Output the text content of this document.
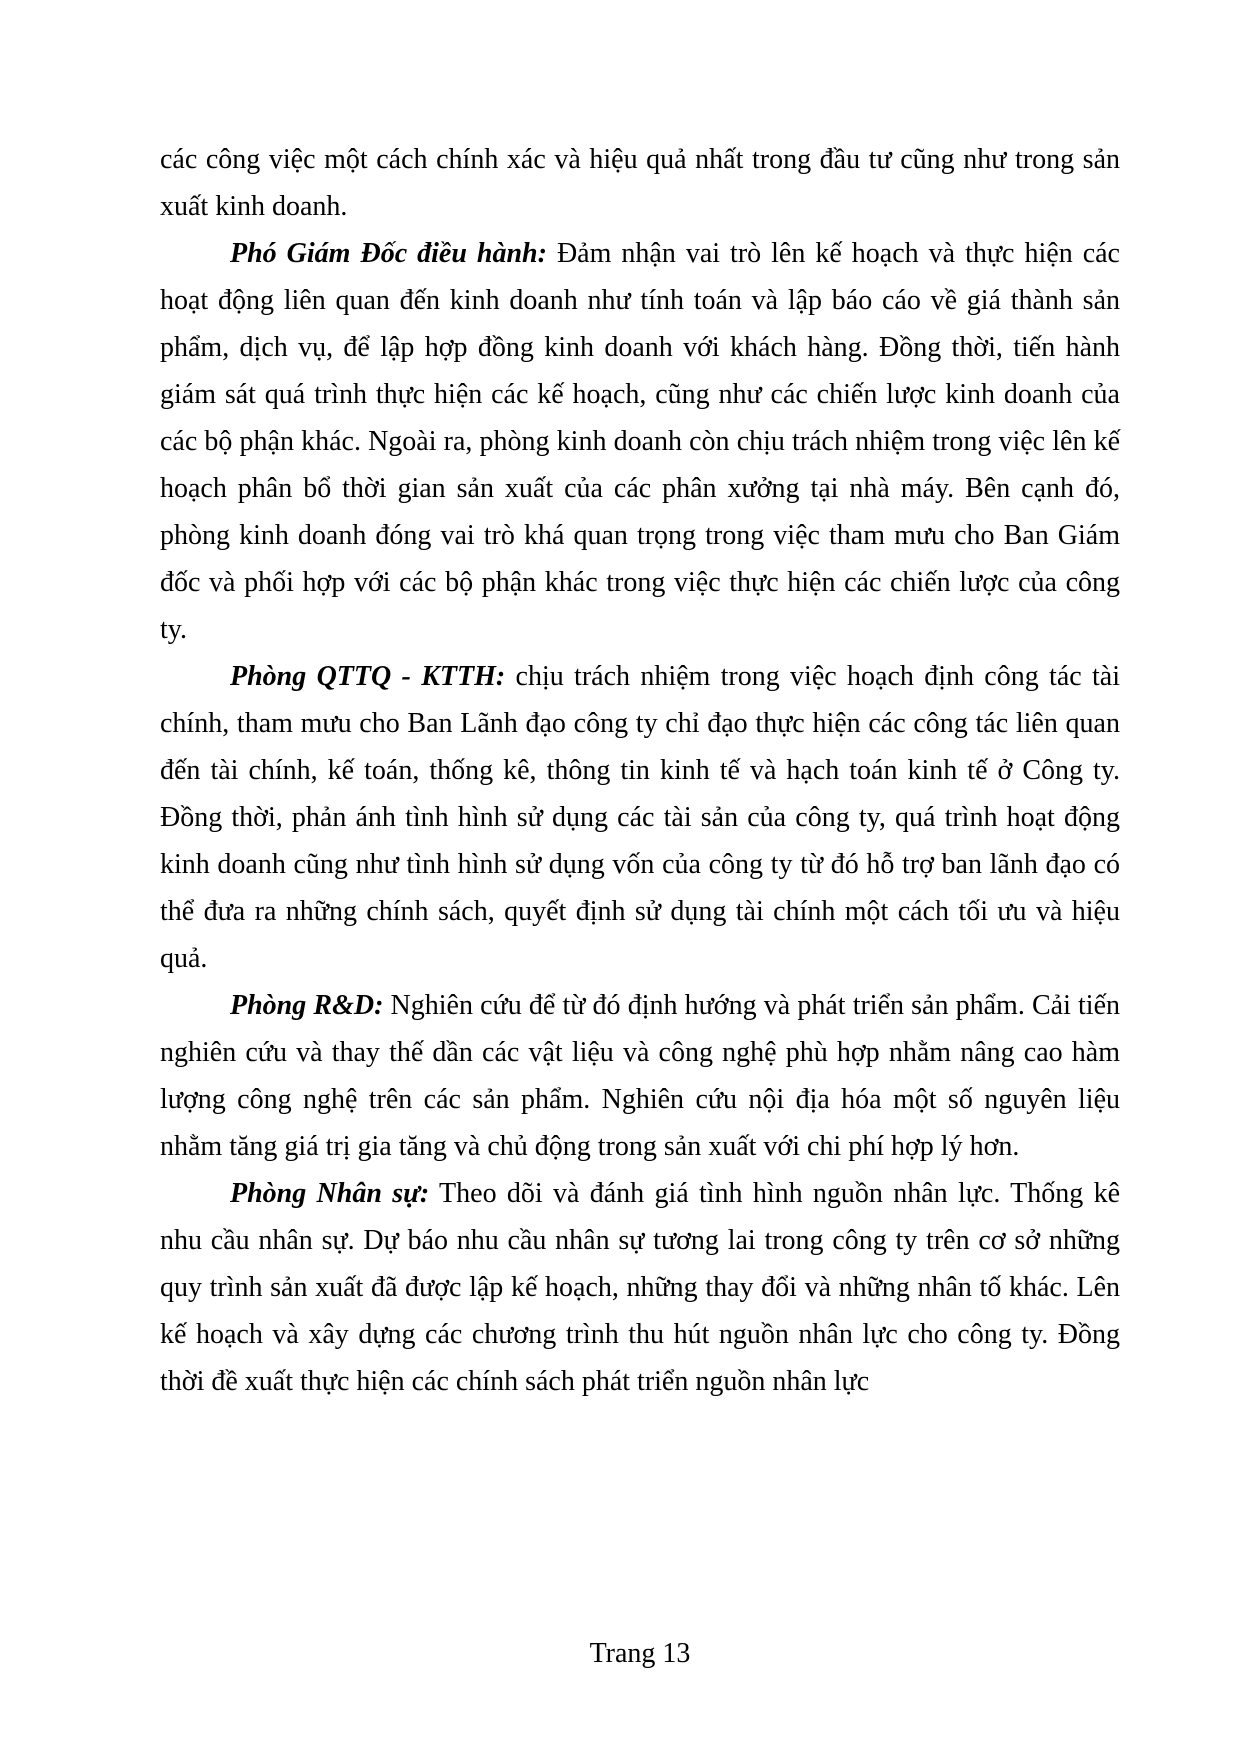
các công việc một cách chính xác và hiệu quả nhất trong đầu tư cũng như trong sản xuất kinh doanh.

Phó Giám Đốc điều hành: Đảm nhận vai trò lên kế hoạch và thực hiện các hoạt động liên quan đến kinh doanh như tính toán và lập báo cáo về giá thành sản phẩm, dịch vụ, để lập hợp đồng kinh doanh với khách hàng. Đồng thời, tiến hành giám sát quá trình thực hiện các kế hoạch, cũng như các chiến lược kinh doanh của các bộ phận khác. Ngoài ra, phòng kinh doanh còn chịu trách nhiệm trong việc lên kế hoạch phân bổ thời gian sản xuất của các phân xưởng tại nhà máy. Bên cạnh đó, phòng kinh doanh đóng vai trò khá quan trọng trong việc tham mưu cho Ban Giám đốc và phối hợp với các bộ phận khác trong việc thực hiện các chiến lược của công ty.

Phòng QTTQ - KTTH: chịu trách nhiệm trong việc hoạch định công tác tài chính, tham mưu cho Ban Lãnh đạo công ty chỉ đạo thực hiện các công tác liên quan đến tài chính, kế toán, thống kê, thông tin kinh tế và hạch toán kinh tế ở Công ty. Đồng thời, phản ánh tình hình sử dụng các tài sản của công ty, quá trình hoạt động kinh doanh cũng như tình hình sử dụng vốn của công ty từ đó hỗ trợ ban lãnh đạo có thể đưa ra những chính sách, quyết định sử dụng tài chính một cách tối ưu và hiệu quả.

Phòng R&D: Nghiên cứu để từ đó định hướng và phát triển sản phẩm. Cải tiến nghiên cứu và thay thế dần các vật liệu và công nghệ phù hợp nhằm nâng cao hàm lượng công nghệ trên các sản phẩm. Nghiên cứu nội địa hóa một số nguyên liệu nhằm tăng giá trị gia tăng và chủ động trong sản xuất với chi phí hợp lý hơn.

Phòng Nhân sự: Theo dõi và đánh giá tình hình nguồn nhân lực. Thống kê nhu cầu nhân sự. Dự báo nhu cầu nhân sự tương lai trong công ty trên cơ sở những quy trình sản xuất đã được lập kế hoạch, những thay đổi và những nhân tố khác. Lên kế hoạch và xây dựng các chương trình thu hút nguồn nhân lực cho công ty. Đồng thời đề xuất thực hiện các chính sách phát triển nguồn nhân lực

Trang 13
